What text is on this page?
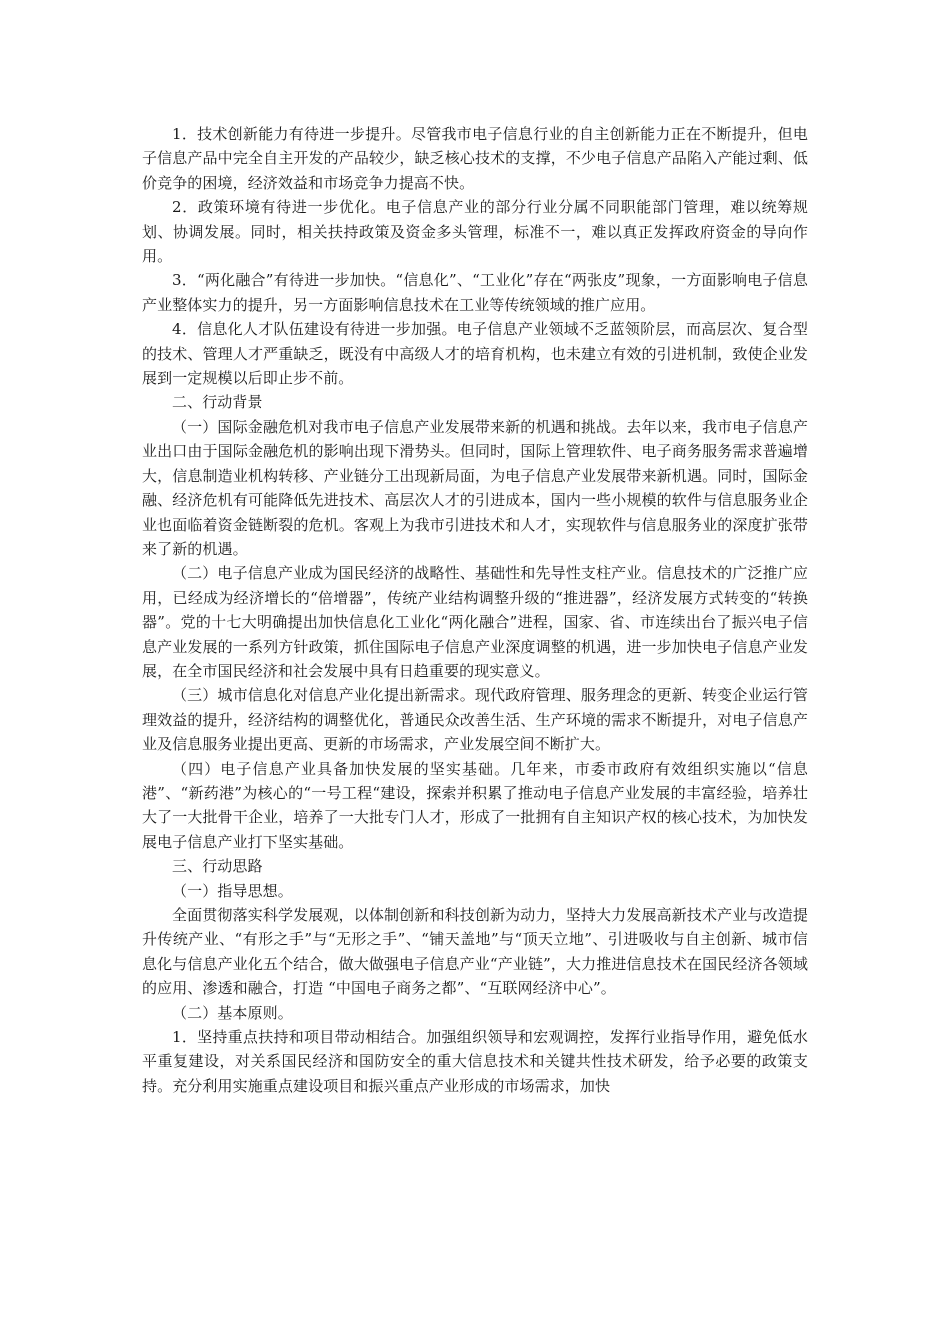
1．技术创新能力有待进一步提升。尽管我市电子信息行业的自主创新能力正在不断提升，但电子信息产品中完全自主开发的产品较少，缺乏核心技术的支撑，不少电子信息产品陷入产能过剩、低价竞争的困境，经济效益和市场竞争力提高不快。

2．政策环境有待进一步优化。电子信息产业的部分行业分属不同职能部门管理，难以统筹规划、协调发展。同时，相关扶持政策及资金多头管理，标准不一，难以真正发挥政府资金的导向作用。

3．“两化融合”有待进一步加快。“信息化”、“工业化”存在“两张皮”现象，一方面影响电子信息产业整体实力的提升，另一方面影响信息技术在工业等传统领域的推广应用。

4．信息化人才队伍建设有待进一步加强。电子信息产业领域不乏蓝领阶层，而高层次、复合型的技术、管理人才严重缺乏，既没有中高级人才的培育机构，也未建立有效的引进机制，致使企业发展到一定规模以后即止步不前。

二、行动背景

（一）国际金融危机对我市电子信息产业发展带来新的机遇和挑战。去年以来，我市电子信息产业出口由于国际金融危机的影响出现下滑势头。但同时，国际上管理软件、电子商务服务需求普遍增大，信息制造业机构转移、产业链分工出现新局面，为电子信息产业发展带来新机遇。同时，国际金融、经济危机有可能降低先进技术、高层次人才的引进成本，国内一些小规模的软件与信息服务业企业也面临着资金链断裂的危机。客观上为我市引进技术和人才，实现软件与信息服务业的深度扩张带来了新的机遇。

（二）电子信息产业成为国民经济的战略性、基础性和先导性支柱产业。信息技术的广泛推广应用，已经成为经济增长的“倍增器”，传统产业结构调整升级的“推进器”，经济发展方式转变的“转换器”。党的十七大明确提出加快信息化工业化“两化融合”进程，国家、省、市连续出台了振兴电子信息产业发展的一系列方针政策，抓住国际电子信息产业深度调整的机遇，进一步加快电子信息产业发展，在全市国民经济和社会发展中具有日趋重要的现实意义。

（三）城市信息化对信息产业化提出新需求。现代政府管理、服务理念的更新、转变企业运行管理效益的提升，经济结构的调整优化，普通民众改善生活、生产环境的需求不断提升，对电子信息产业及信息服务业提出更高、更新的市场需求，产业发展空间不断扩大。

（四）电子信息产业具备加快发展的坚实基础。几年来，市委市政府有效组织实施以“信息港”、“新药港”为核心的“一号工程“建设，探索并积累了推动电子信息产业发展的丰富经验，培养壮大了一大批骨干企业，培养了一大批专门人才，形成了一批拥有自主知识产权的核心技术，为加快发展电子信息产业打下坚实基础。

三、行动思路

（一）指导思想。

全面贯彻落实科学发展观，以体制创新和科技创新为动力，坚持大力发展高新技术产业与改造提升传统产业、“有形之手”与“无形之手”、“铺天盖地”与“顶天立地”、引进吸收与自主创新、城市信息化与信息产业化五个结合，做大做强电子信息产业“产业链”，大力推进信息技术在国民经济各领域的应用、渗透和融合，打造 “中国电子商务之都”、“互联网经济中心”。

（二）基本原则。

1．坚持重点扶持和项目带动相结合。加强组织领导和宏观调控，发挥行业指导作用，避免低水平重复建设，对关系国民经济和国防安全的重大信息技术和关键共性技术研发，给予必要的政策支持。充分利用实施重点建设项目和振兴重点产业形成的市场需求，加快
